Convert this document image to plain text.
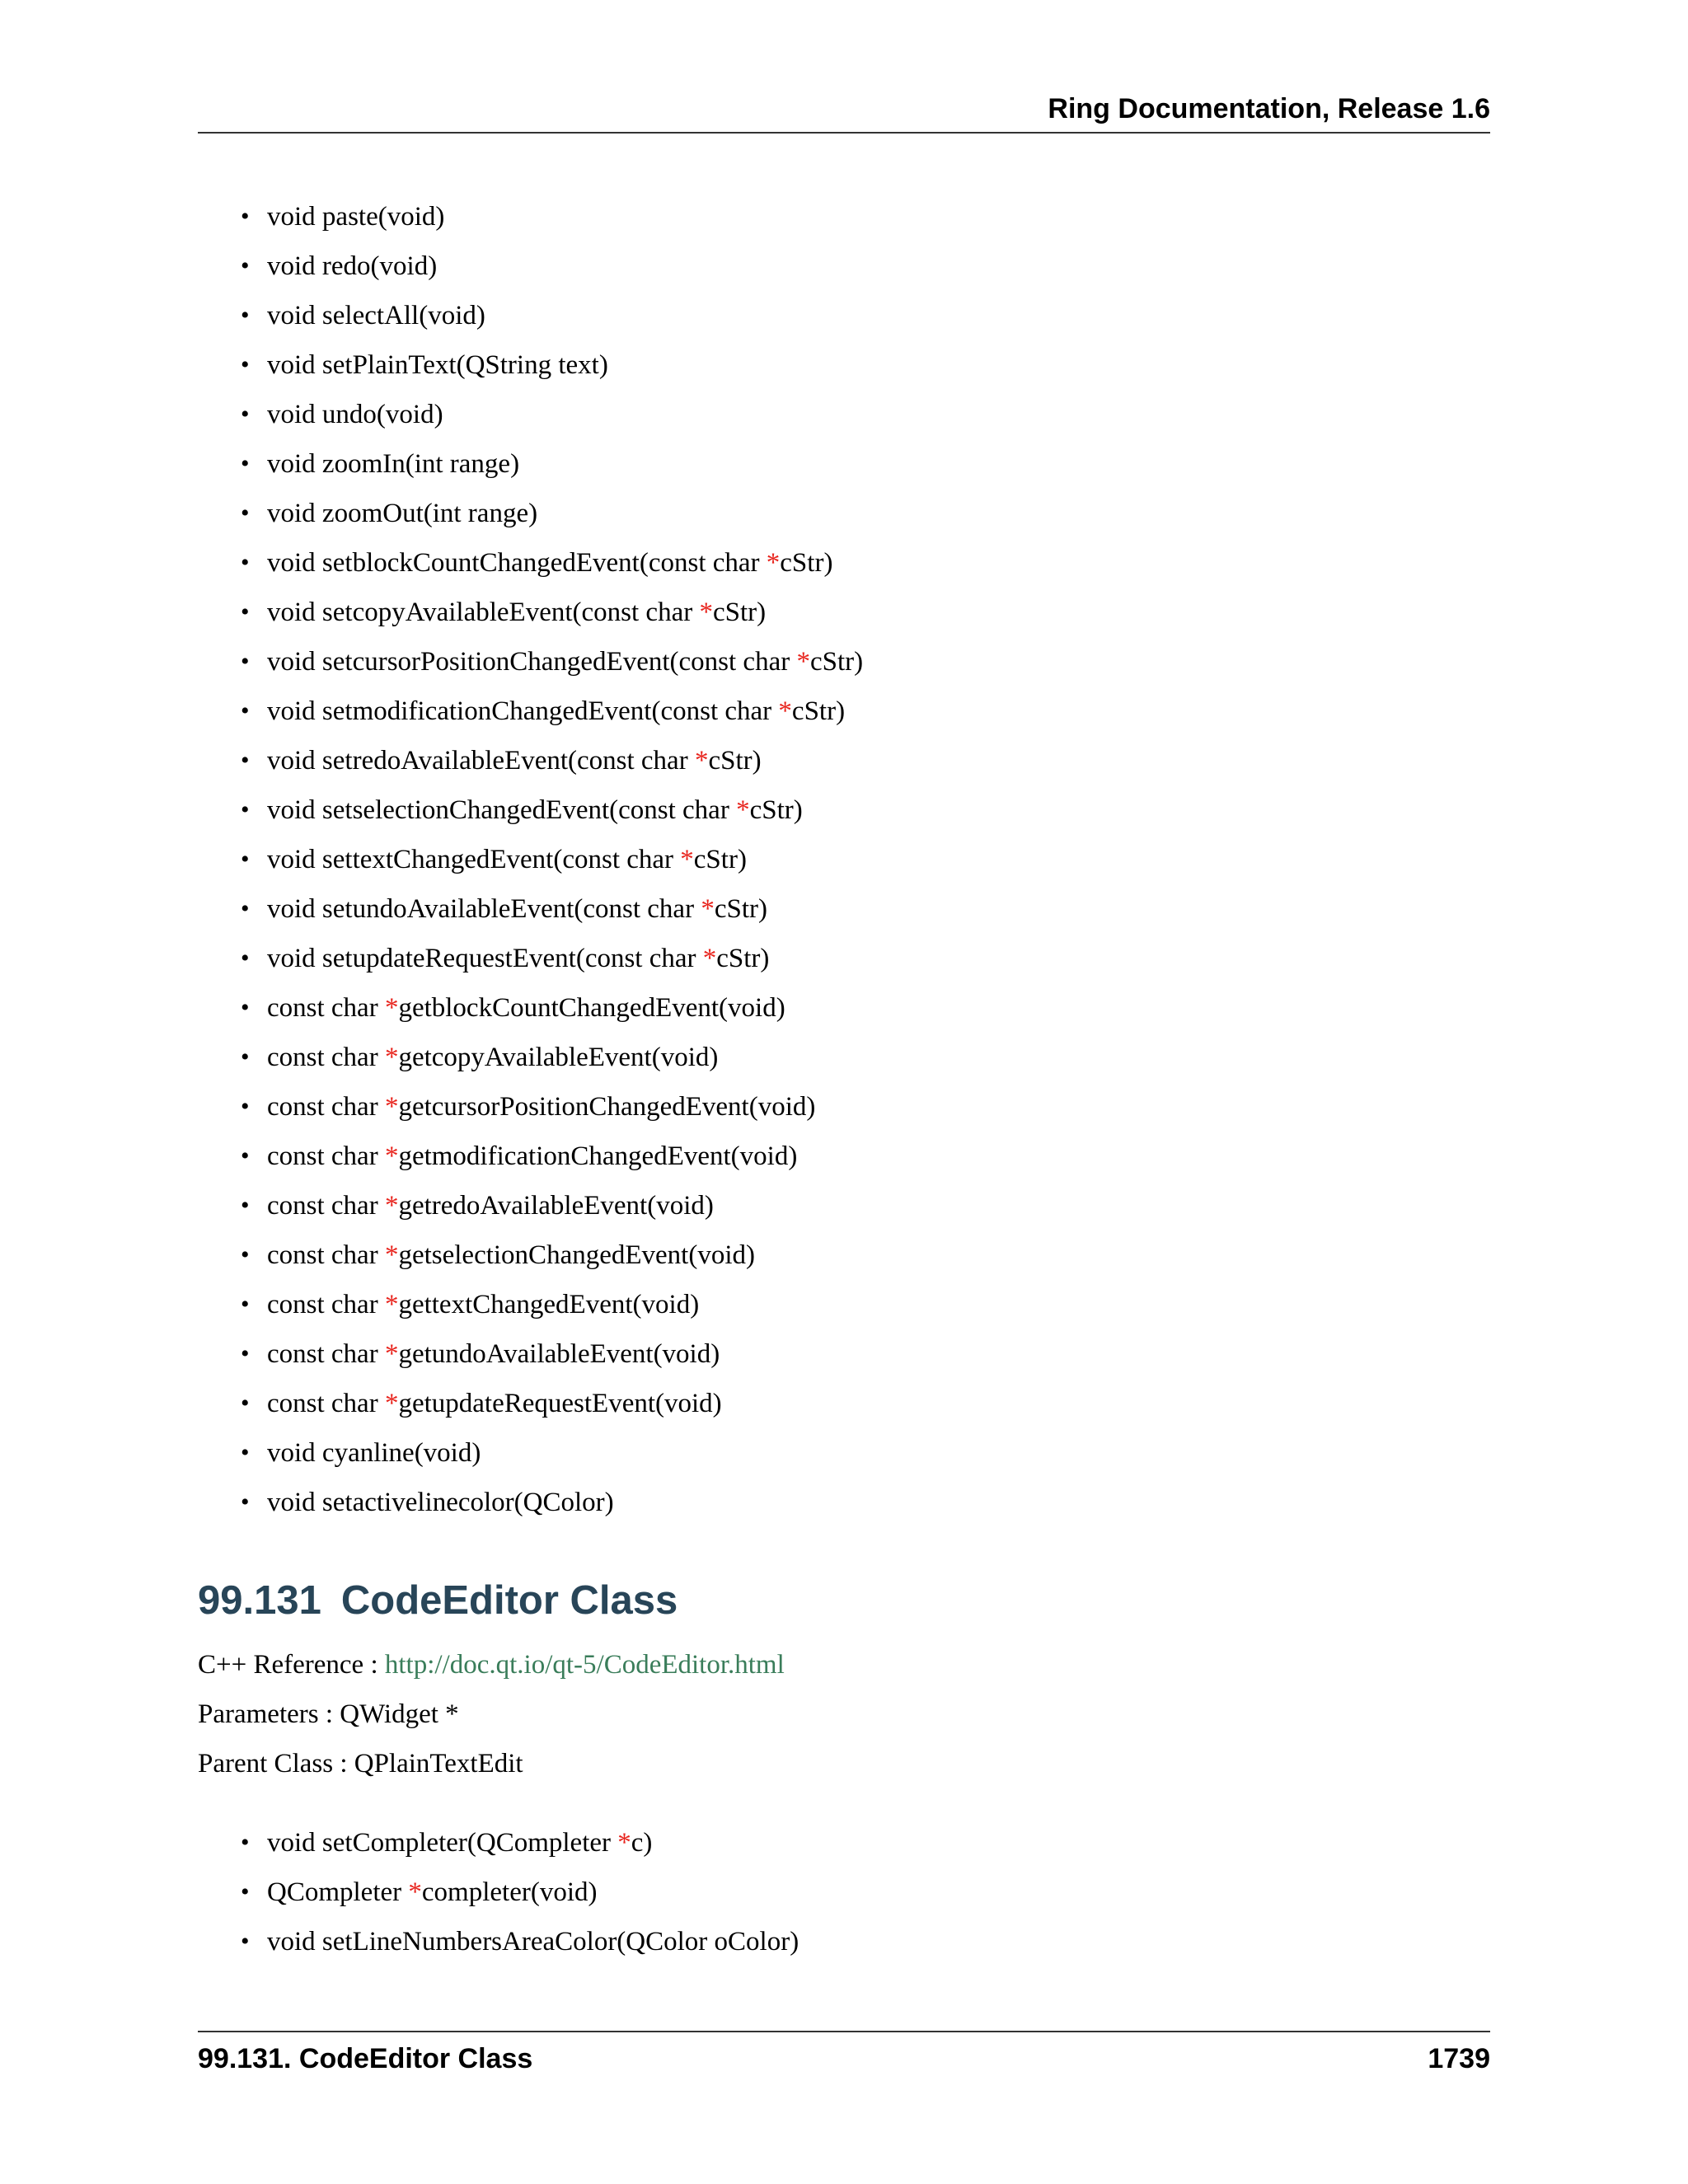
Ring Documentation, Release 1.6
• void paste(void)
• void redo(void)
• void selectAll(void)
• void setPlainText(QString text)
• void undo(void)
• void zoomIn(int range)
• void zoomOut(int range)
• void setblockCountChangedEvent(const char *cStr)
• void setcopyAvailableEvent(const char *cStr)
• void setcursorPositionChangedEvent(const char *cStr)
• void setmodificationChangedEvent(const char *cStr)
• void setredoAvailableEvent(const char *cStr)
• void setselectionChangedEvent(const char *cStr)
• void settextChangedEvent(const char *cStr)
• void setundoAvailableEvent(const char *cStr)
• void setupdateRequestEvent(const char *cStr)
• const char *getblockCountChangedEvent(void)
• const char *getcopyAvailableEvent(void)
• const char *getcursorPositionChangedEvent(void)
• const char *getmodificationChangedEvent(void)
• const char *getredoAvailableEvent(void)
• const char *getselectionChangedEvent(void)
• const char *gettextChangedEvent(void)
• const char *getundoAvailableEvent(void)
• const char *getupdateRequestEvent(void)
• void cyanline(void)
• void setactivelinecolor(QColor)
99.131 CodeEditor Class
C++ Reference : http://doc.qt.io/qt-5/CodeEditor.html
Parameters : QWidget *
Parent Class : QPlainTextEdit
• void setCompleter(QCompleter *c)
• QCompleter *completer(void)
• void setLineNumbersAreaColor(QColor oColor)
99.131. CodeEditor Class	1739
